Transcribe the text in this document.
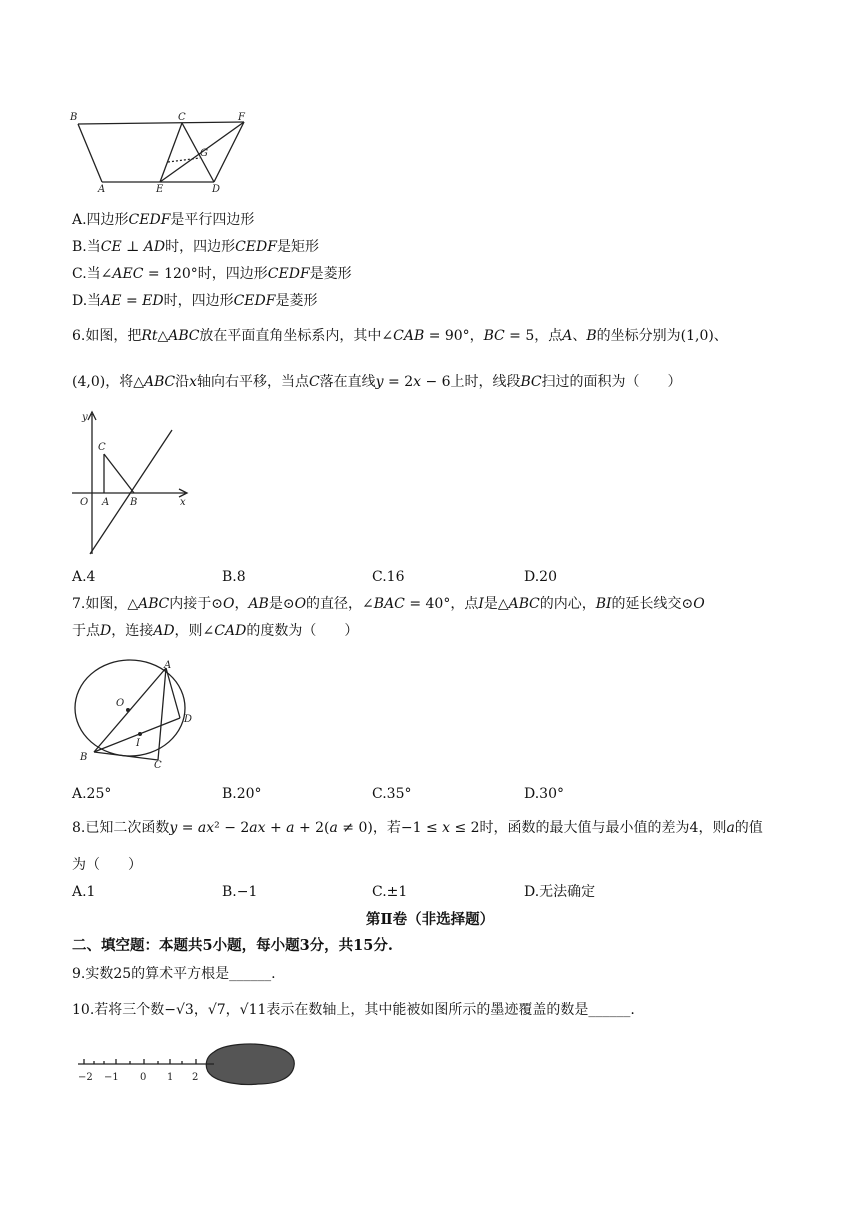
B	C	F
G
A	E	D
A.四边形𝐶𝐸𝐷𝐹是平行四边形
B.当𝐶𝐸 ⊥ 𝐴𝐷时，四边形𝐶𝐸𝐷𝐹是矩形
C.当∠𝐴𝐸𝐶 = 120°时，四边形𝐶𝐸𝐷𝐹是菱形
D.当𝐴𝐸 = 𝐸𝐷时，四边形𝐶𝐸𝐷𝐹是菱形
6.如图，把𝑅𝑡△𝐴𝐵𝐶放在平面直角坐标系内，其中∠𝐶𝐴𝐵 = 90°，𝐵𝐶 = 5，点𝐴、𝐵的坐标分别为(1,0)、
(4,0)，将△𝐴𝐵𝐶沿𝑥轴向右平移，当点𝐶落在直线𝑦 = 2𝑥 − 6上时，线段𝐵𝐶扫过的面积为（　　）
y
C
O A B	x
A.4	B.8	C.16	D.20
7.如图，△𝐴𝐵𝐶内接于⊙𝑂，𝐴𝐵是⊙𝑂的直径，∠𝐵𝐴𝐶 = 40°，点𝐼是△𝐴𝐵𝐶的内心，𝐵𝐼的延长线交⊙𝑂
于点𝐷，连接𝐴𝐷，则∠𝐶𝐴𝐷的度数为（　　）
A
O
D
I
B
C
A.25°	B.20°	C.35°	D.30°
8.已知二次函数𝑦 = 𝑎𝑥² − 2𝑎𝑥 + 𝑎 + 2(𝑎 ≠ 0)，若−1 ≤ 𝑥 ≤ 2时，函数的最大值与最小值的差为4，则𝑎的值
为（　　）
A.1	B.−1	C.±1	D.无法确定
第Ⅱ卷（非选择题）
二、填空题：本题共5小题，每小题3分，共15分.
9.实数25的算术平方根是______.
10.若将三个数−√3，√7，√11表示在数轴上，其中能被如图所示的墨迹覆盖的数是______.
−2 −1 0 1 2
